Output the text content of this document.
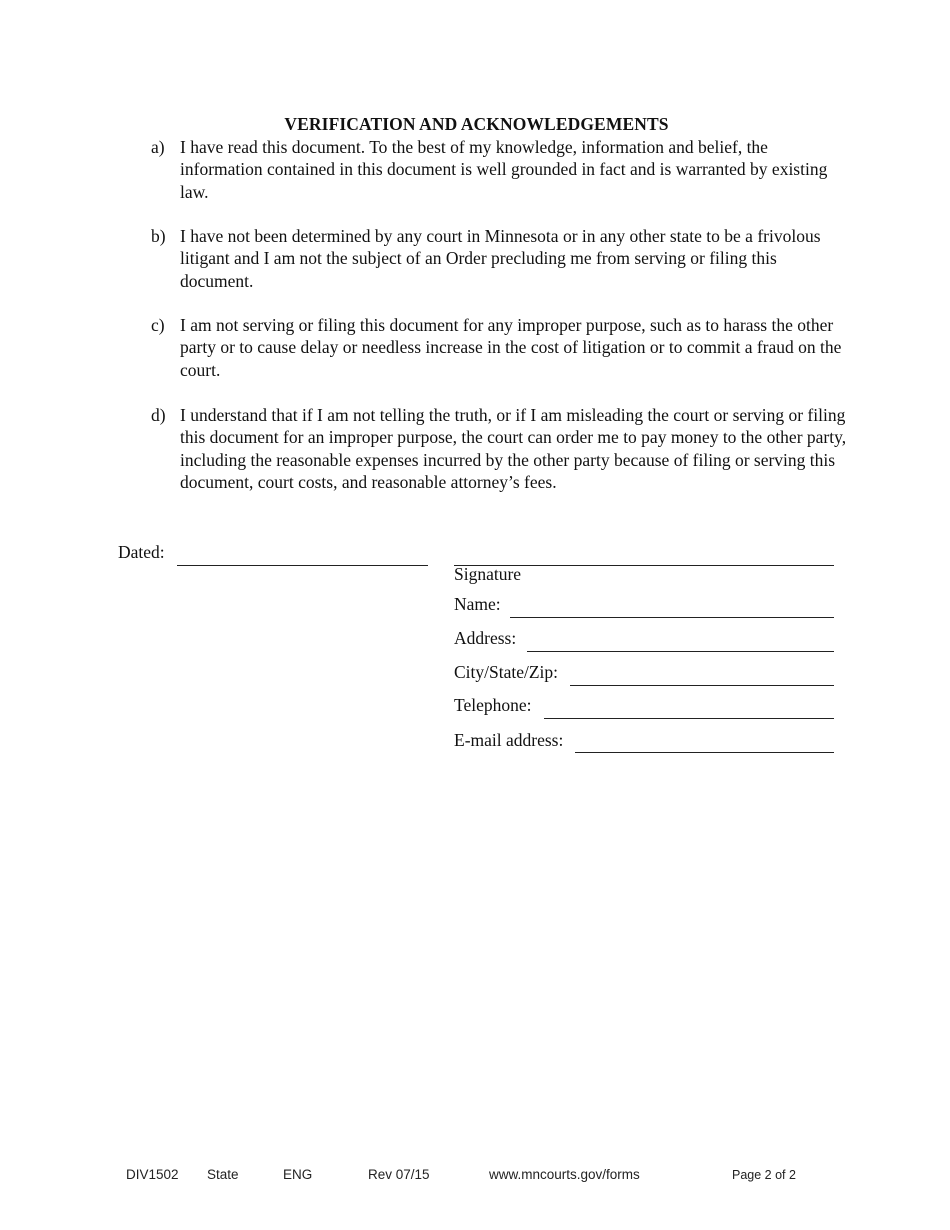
VERIFICATION AND ACKNOWLEDGEMENTS
a) I have read this document. To the best of my knowledge, information and belief, the information contained in this document is well grounded in fact and is warranted by existing law.
b) I have not been determined by any court in Minnesota or in any other state to be a frivolous litigant and I am not the subject of an Order precluding me from serving or filing this document.
c) I am not serving or filing this document for any improper purpose, such as to harass the other party or to cause delay or needless increase in the cost of litigation or to commit a fraud on the court.
d) I understand that if I am not telling the truth, or if I am misleading the court or serving or filing this document for an improper purpose, the court can order me to pay money to the other party, including the reasonable expenses incurred by the other party because of filing or serving this document, court costs, and reasonable attorney’s fees.
Dated:
Signature
Name:
Address:
City/State/Zip:
Telephone:
E-mail address:
DIV1502 State	ENG	Rev 07/15	www.mncourts.gov/forms	Page 2 of 2
